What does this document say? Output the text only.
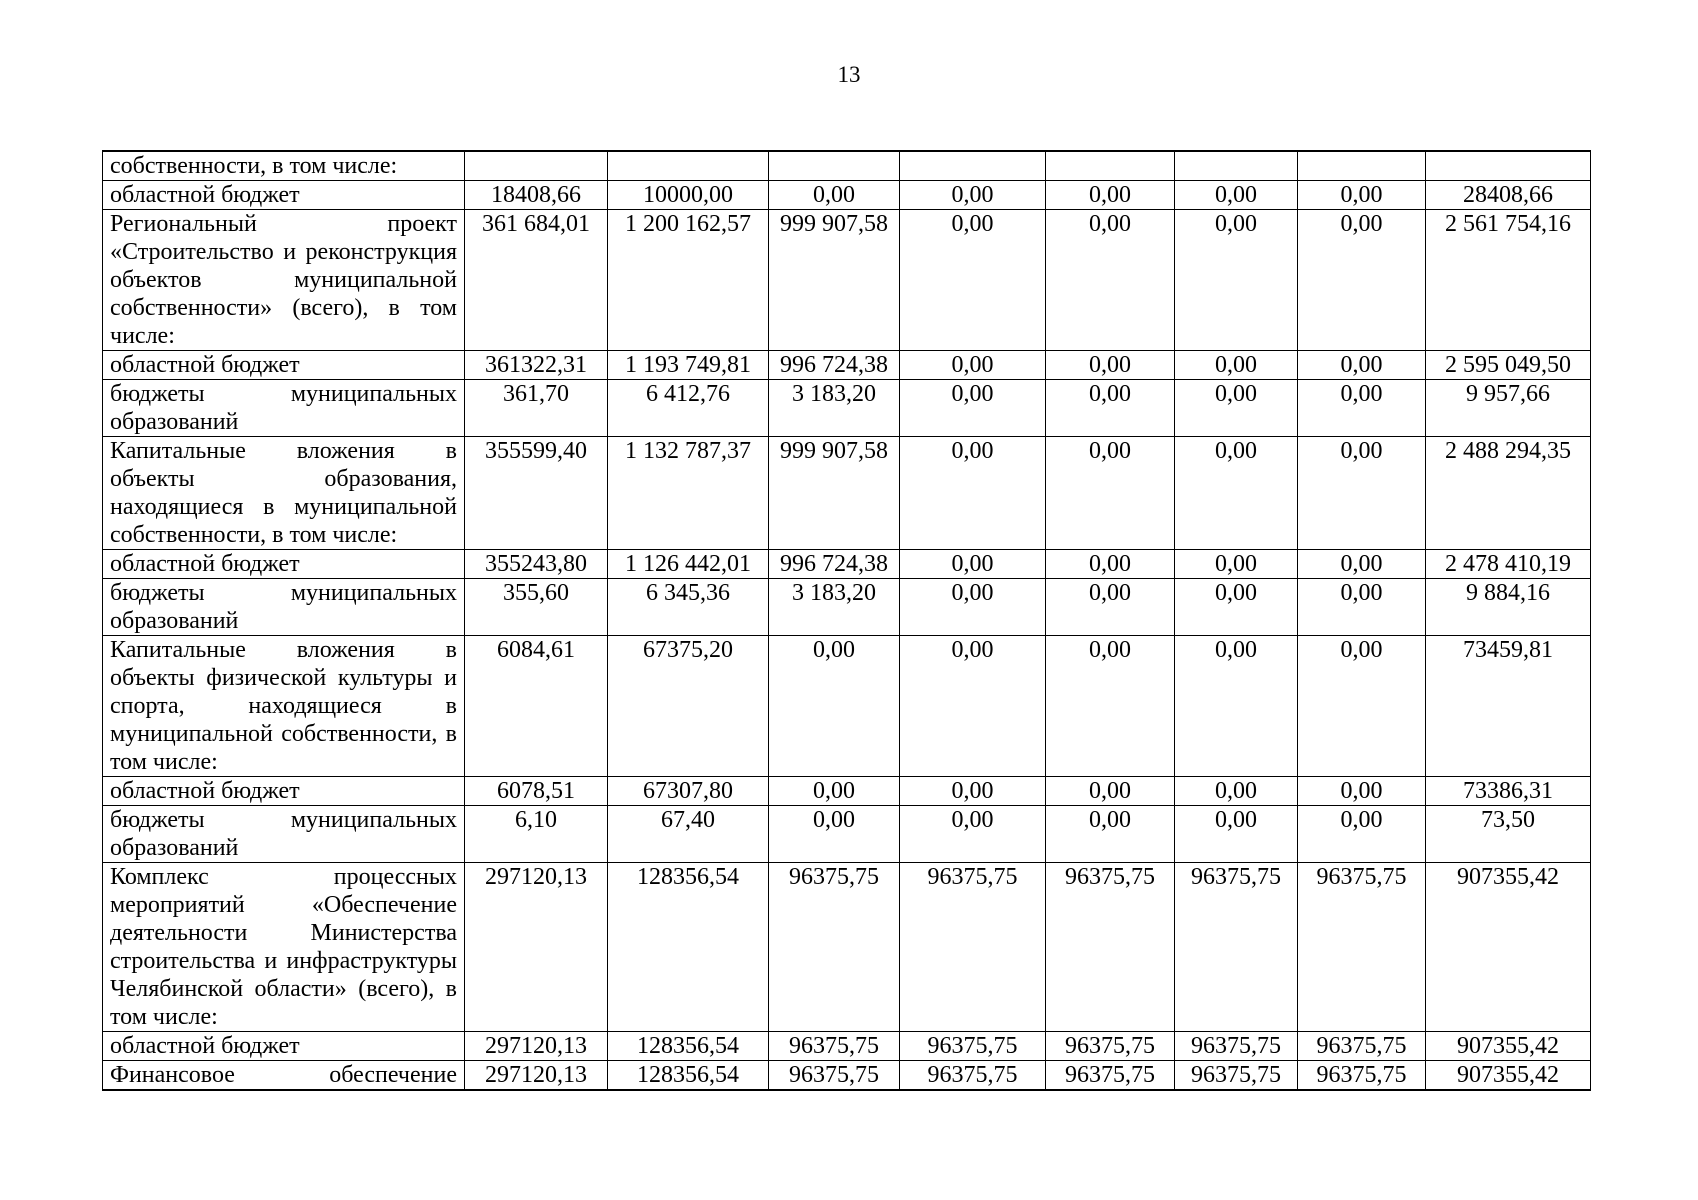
13
собственности, в том числе:								
областной бюджет	18408,66	10000,00	0,00	0,00	0,00	0,00	0,00	28408,66
Региональный проект «Строительство и реконструкция объектов муниципальной собственности» (всего), в том числе:	361 684,01	1 200 162,57	999 907,58	0,00	0,00	0,00	0,00	2 561 754,16
областной бюджет	361322,31	1 193 749,81	996 724,38	0,00	0,00	0,00	0,00	2 595 049,50
бюджеты муниципальных образований	361,70	6 412,76	3 183,20	0,00	0,00	0,00	0,00	9 957,66
Капитальные вложения в объекты образования, находящиеся в муниципальной собственности, в том числе:	355599,40	1 132 787,37	999 907,58	0,00	0,00	0,00	0,00	2 488 294,35
областной бюджет	355243,80	1 126 442,01	996 724,38	0,00	0,00	0,00	0,00	2 478 410,19
бюджеты муниципальных образований	355,60	6 345,36	3 183,20	0,00	0,00	0,00	0,00	9 884,16
Капитальные вложения в объекты физической культуры и спорта, находящиеся в муниципальной собственности, в том числе:	6084,61	67375,20	0,00	0,00	0,00	0,00	0,00	73459,81
областной бюджет	6078,51	67307,80	0,00	0,00	0,00	0,00	0,00	73386,31
бюджеты муниципальных образований	6,10	67,40	0,00	0,00	0,00	0,00	0,00	73,50
Комплекс процессных мероприятий «Обеспечение деятельности Министерства строительства и инфраструктуры Челябинской области» (всего), в том числе:	297120,13	128356,54	96375,75	96375,75	96375,75	96375,75	96375,75	907355,42
областной бюджет	297120,13	128356,54	96375,75	96375,75	96375,75	96375,75	96375,75	907355,42
Финансовое обеспечение	297120,13	128356,54	96375,75	96375,75	96375,75	96375,75	96375,75	907355,42
